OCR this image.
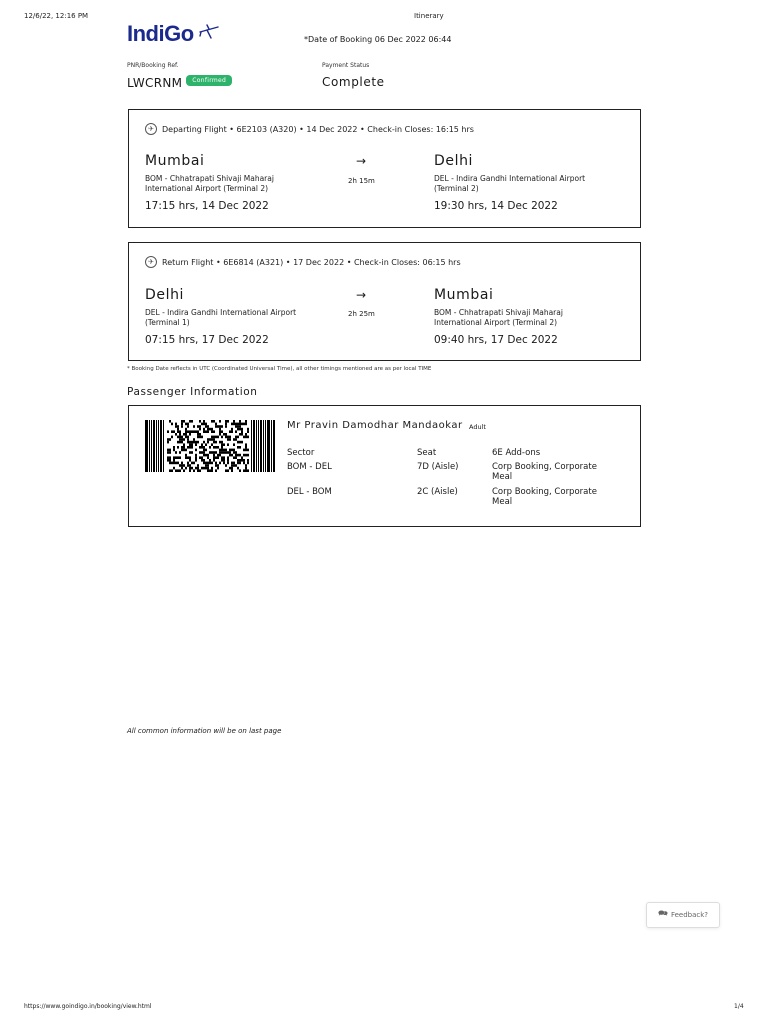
12/6/22, 12:16 PM	Itinerary
IndiGo	*Date of Booking 06 Dec 2022 06:44
PNR/Booking Ref.
LWCRNM	Confirmed
Payment Status
Complete
✈	Departing Flight • 6E2103 (A320) • 14 Dec 2022 • Check-in Closes: 16:15 hrs
Mumbai
BOM - Chhatrapati Shivaji Maharaj International Airport (Terminal 2)
17:15 hrs, 14 Dec 2022
→
2h 15m
Delhi
DEL - Indira Gandhi International Airport (Terminal 2)
19:30 hrs, 14 Dec 2022
✈	Return Flight • 6E6814 (A321) • 17 Dec 2022 • Check-in Closes: 06:15 hrs
Delhi
DEL - Indira Gandhi International Airport (Terminal 1)
07:15 hrs, 17 Dec 2022
→
2h 25m
Mumbai
BOM - Chhatrapati Shivaji Maharaj International Airport (Terminal 2)
09:40 hrs, 17 Dec 2022
* Booking Date reflects in UTC (Coordinated Universal Time), all other timings mentioned are as per local TIME
Passenger Information
Mr Pravin Damodhar Mandaokar Adult
Sector	Seat	6E Add-ons
BOM - DEL	7D (Aisle)	Corp Booking, Corporate Meal
DEL - BOM	2C (Aisle)	Corp Booking, Corporate Meal
All common information will be on last page
🗪 Feedback?
https://www.goindigo.in/booking/view.html	1/4
